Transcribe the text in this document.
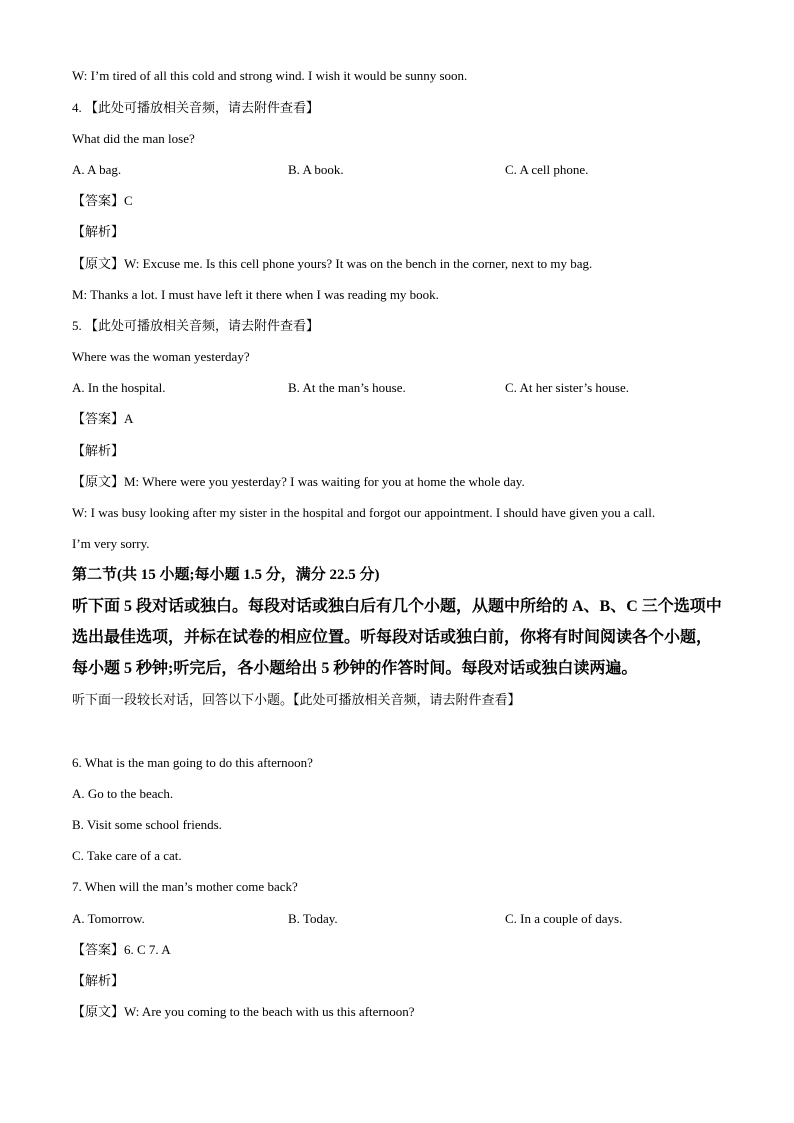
W: I’m tired of all this cold and strong wind. I wish it would be sunny soon.
4. 【此处可播放相关音频，请去附件查看】
What did the man lose?
A. A bag.	B. A book.	C. A cell phone.
【答案】C
【解析】
【原文】W: Excuse me. Is this cell phone yours? It was on the bench in the corner, next to my bag.
M: Thanks a lot. I must have left it there when I was reading my book.
5. 【此处可播放相关音频，请去附件查看】
Where was the woman yesterday?
A. In the hospital.	B. At the man’s house.	C. At her sister’s house.
【答案】A
【解析】
【原文】M: Where were you yesterday? I was waiting for you at home the whole day.
W: I was busy looking after my sister in the hospital and forgot our appointment. I should have given you a call.
I’m very sorry.
第二节(共 15 小题;每小题 1.5 分，满分 22.5 分)
听下面 5 段对话或独白。每段对话或独白后有几个小题，从题中所给的 A、B、C 三个选项中
选出最佳选项，并标在试卷的相应位置。听每段对话或独白前，你将有时间阅读各个小题，
每小题 5 秒钟;听完后，各小题给出 5 秒钟的作答时间。每段对话或独白读两遍。
听下面一段较长对话，回答以下小题。【此处可播放相关音频，请去附件查看】
6. What is the man going to do this afternoon?
A. Go to the beach.
B. Visit some school friends.
C. Take care of a cat.
7. When will the man’s mother come back?
A. Tomorrow.	B. Today.	C. In a couple of days.
【答案】6. C 7. A
【解析】
【原文】W: Are you coming to the beach with us this afternoon?
